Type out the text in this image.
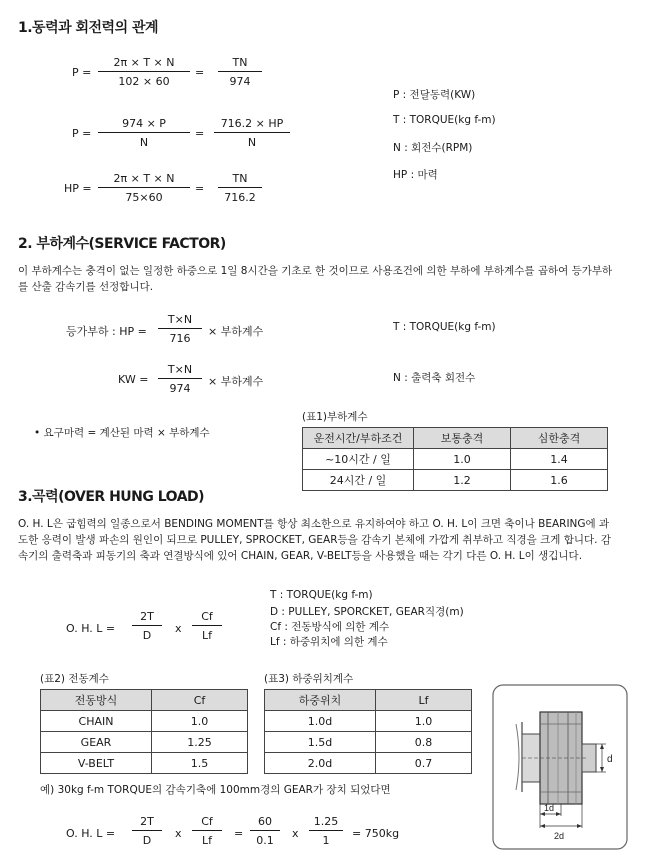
1.동력과 회전력의 관계
P =
2π × T × N
102 × 60
=
TN
974
P =
974 × P
N
=
716.2 × HP
N
HP =
2π × T × N
75×60
=
TN
716.2
P : 전달동력(KW)
T : TORQUE(kg f-m)
N : 회전수(RPM)
HP : 마력
2. 부하계수(SERVICE FACTOR)
이 부하계수는 충격이 없는 일정한 하중으로 1일 8시간을 기초로 한 것이므로 사용조건에 의한 부하에 부하계수를 곱하여 등가부하를 산출 감속기를 선정합니다.
등가부하 : HP =
T×N
716
× 부하계수
KW =
T×N
974
× 부하계수
T : TORQUE(kg f-m)
N : 출력축 회전수
• 요구마력 = 계산된 마력 × 부하계수
(표1)부하계수
운전시간/부하조건	보통충격	심한충격
~10시간 / 일	1.0	1.4
24시간 / 일	1.2	1.6
3.곡력(OVER HUNG LOAD)
O. H. L은 굽힘력의 일종으로서 BENDING MOMENT를 항상 최소한으로 유지하여야 하고 O. H. L이 크면 축이나 BEARING에 과도한 응력이 발생 파손의 원인이 되므로 PULLEY, SPROCKET, GEAR등을 감속기 본체에 가깝게 취부하고 직경을 크게 합니다. 감속기의 출력축과 피동기의 축과 연결방식에 있어 CHAIN, GEAR, V-BELT등을 사용했을 때는 각기 다른 O. H. L이 생깁니다.
O. H. L =
2T
D
x
Cf
Lf
T : TORQUE(kg f-m)
D : PULLEY, SPORCKET, GEAR직경(m)
Cf : 전동방식에 의한 계수
Lf : 하중위치에 의한 계수
(표2) 전동계수
전동방식	Cf
CHAIN	1.0
GEAR	1.25
V-BELT	1.5
(표3) 하중위치계수
하중위치	Lf
1.0d	1.0
1.5d	0.8
2.0d	0.7	d
1d
2d
예) 30kg f-m TORQUE의 감속기축에 100mm경의 GEAR가 장치 되었다면
O. H. L =
2T
D
x
Cf
Lf
=
60
0.1
x
1.25
1
= 750kg
